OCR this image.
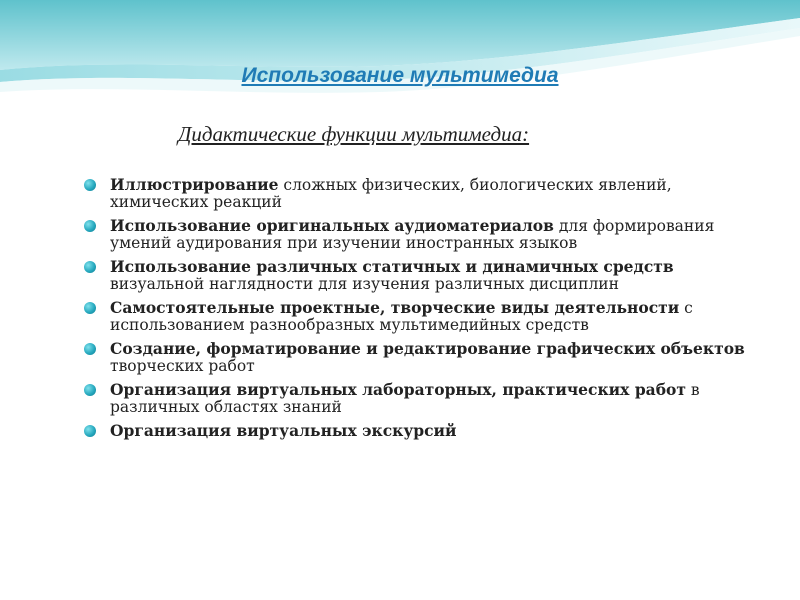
Использование мультимедиа
Дидактические функции мультимедиа:
Иллюстрирование сложных физических, биологических явлений, химических реакций
Использование оригинальных аудиоматериалов для формирования умений аудирования при изучении иностранных языков
Использование различных статичных и динамичных средств визуальной наглядности для изучения различных дисциплин
Самостоятельные проектные, творческие виды деятельности с использованием разнообразных мультимедийных средств
Создание, форматирование и редактирование графических объектов творческих работ
Организация виртуальных лабораторных, практических работ в различных областях знаний
Организация виртуальных экскурсий
